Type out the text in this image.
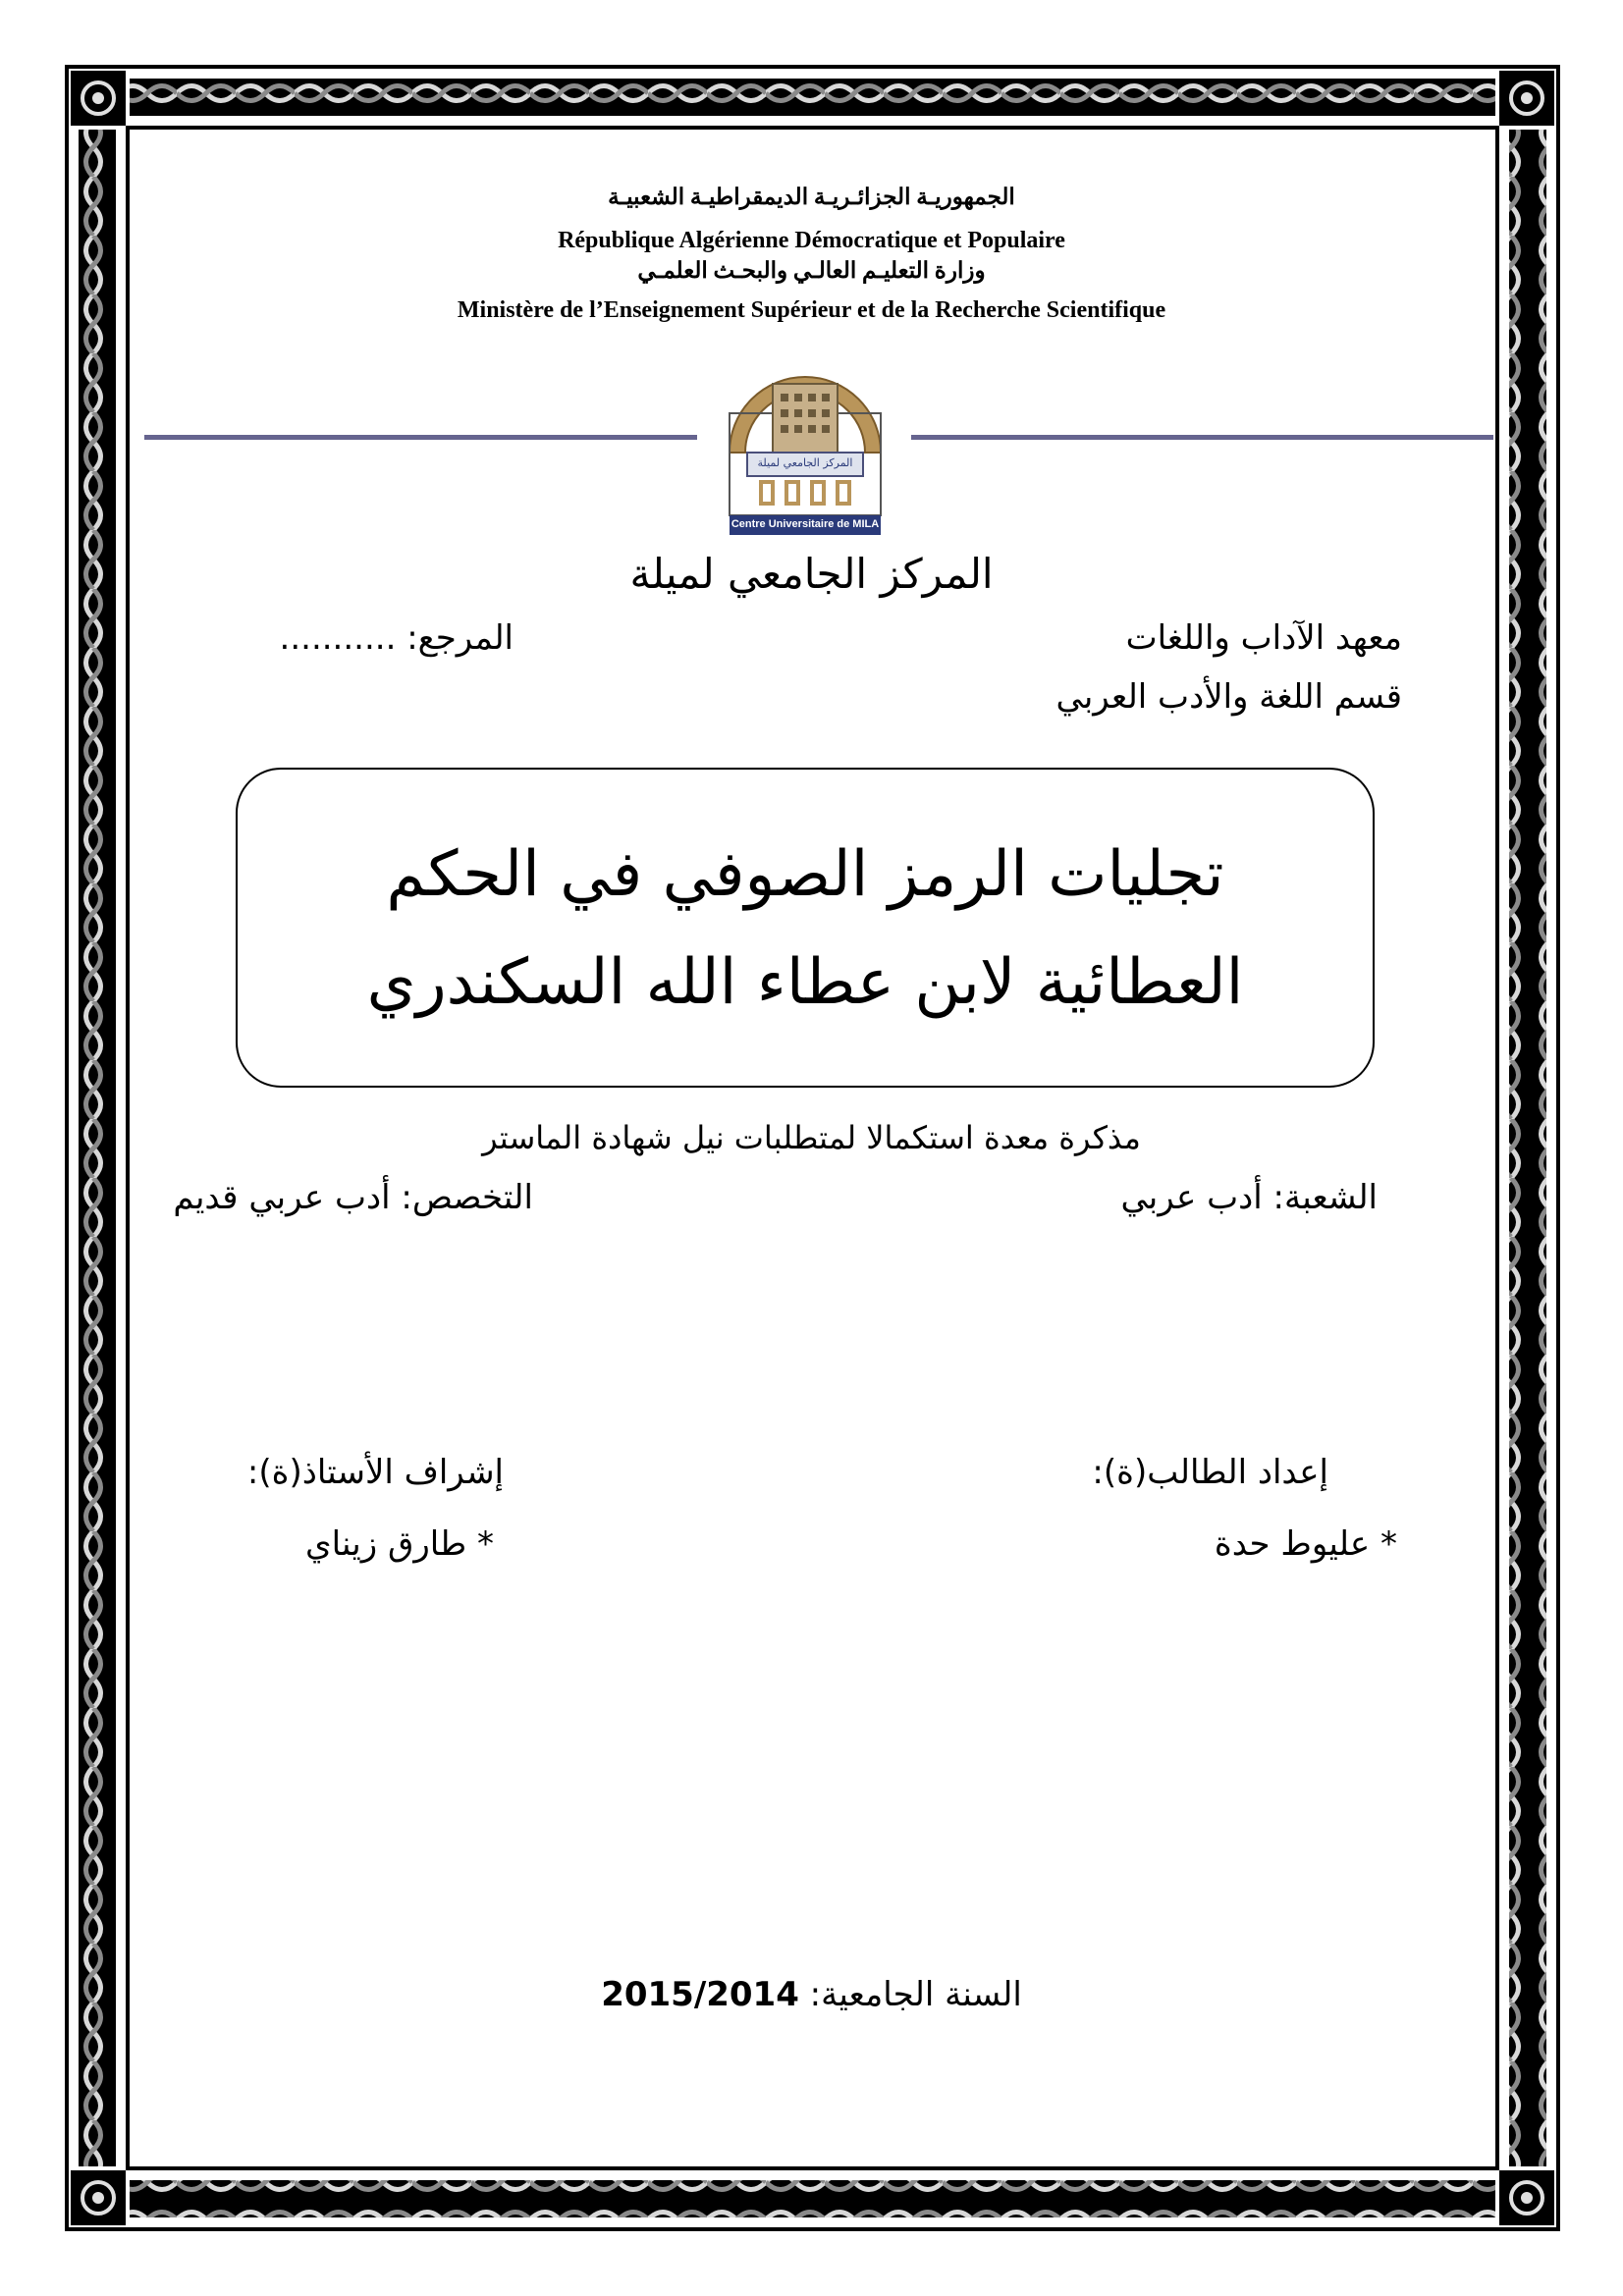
الجمهوريـة الجزائـريـة الديمقراطيـة الشعبيـة
République Algérienne Démocratique et Populaire
وزارة التعليـم العالـي والبحـث العلمـي
Ministère de l’Enseignement Supérieur et de la Recherche Scientifique
المركز الجامعي لميلة
Centre Universitaire de MILA
المركز الجامعي لميلة
معهد الآداب واللغات
المرجع: ...........
قسم اللغة والأدب العربي
تجليات الرمز الصوفي في الحكم
العطائية لابن عطاء الله السكندري
مذكرة معدة استكمالا لمتطلبات نيل شهادة الماستر
الشعبة: أدب عربي
التخصص: أدب عربي قديم
إعداد الطالب(ة):
إشراف الأستاذ(ة):
* عليوط حدة
* طارق زيناي
السنة الجامعية: 2015/2014
